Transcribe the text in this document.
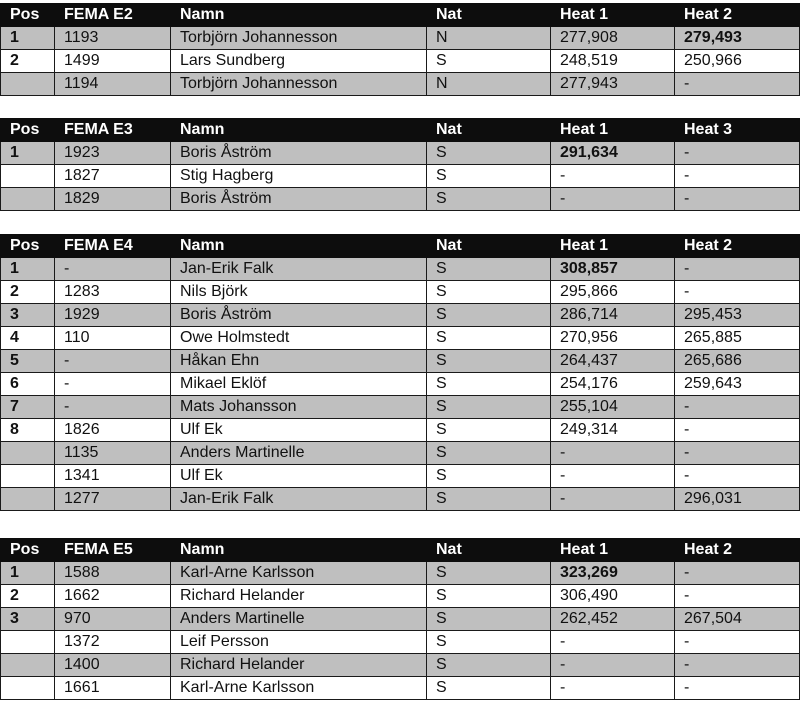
Pos	FEMA E2	Namn	Nat	Heat 1	Heat 2
1	1193	Torbjörn Johannesson	N	277,908	279,493
2	1499	Lars Sundberg	S	248,519	250,966
	1194	Torbjörn Johannesson	N	277,943	-
Pos	FEMA E3	Namn	Nat	Heat 1	Heat 3
1	1923	Boris Åström	S	291,634	-
	1827	Stig Hagberg	S	-	-
	1829	Boris Åström	S	-	-
Pos	FEMA E4	Namn	Nat	Heat 1	Heat 2
1	-	Jan-Erik Falk	S	308,857	-
2	1283	Nils Björk	S	295,866	-
3	1929	Boris Åström	S	286,714	295,453
4	110	Owe Holmstedt	S	270,956	265,885
5	-	Håkan Ehn	S	264,437	265,686
6	-	Mikael Eklöf	S	254,176	259,643
7	-	Mats Johansson	S	255,104	-
8	1826	Ulf Ek	S	249,314	-
	1135	Anders Martinelle	S	-	-
	1341	Ulf Ek	S	-	-
	1277	Jan-Erik Falk	S	-	296,031
Pos	FEMA E5	Namn	Nat	Heat 1	Heat 2
1	1588	Karl-Arne Karlsson	S	323,269	-
2	1662	Richard Helander	S	306,490	-
3	970	Anders Martinelle	S	262,452	267,504
	1372	Leif Persson	S	-	-
	1400	Richard Helander	S	-	-
	1661	Karl-Arne Karlsson	S	-	-
